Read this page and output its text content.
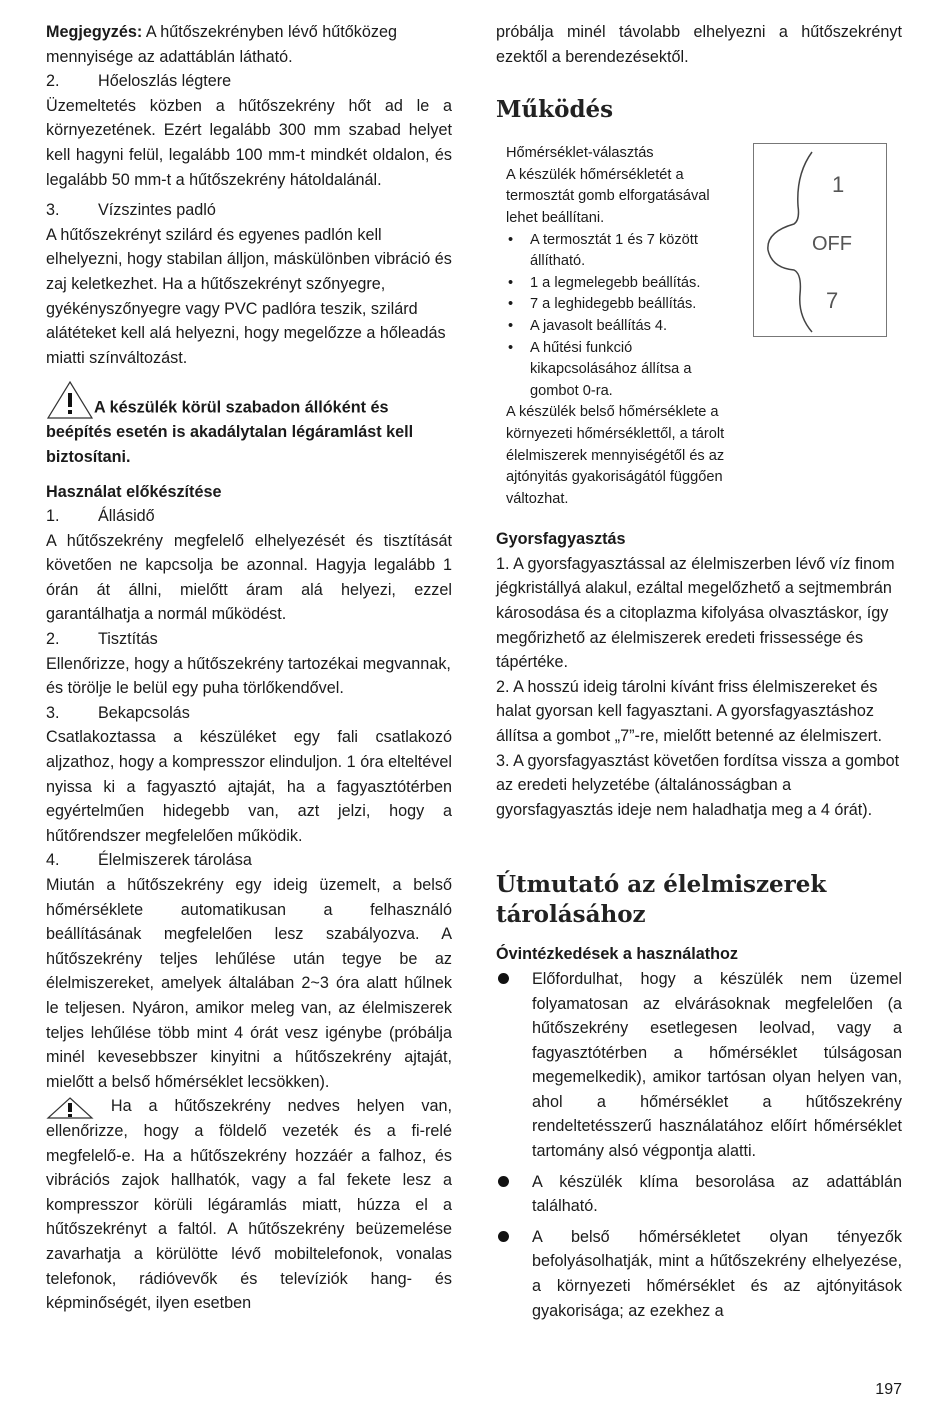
Megjegyzés: A hűtőszekrényben lévő hűtőközeg mennyisége az adattáblán látható.

2.	Hőeloszlás légtere

Üzemeltetés közben a hűtőszekrény hőt ad le a környezetének. Ezért legalább 300 mm szabad helyet kell hagyni felül, legalább 100 mm-t mindkét oldalon, és legalább 50 mm-t a hűtőszekrény hátoldalánál.

3.	Vízszintes padló

A hűtőszekrényt szilárd és egyenes padlón kell elhelyezni, hogy stabilan álljon, máskülönben vibráció és zaj keletkezhet. Ha a hűtőszekrényt szőnyegre, gyékényszőnyegre vagy PVC padlóra teszik, szilárd alátéteket kell alá helyezni, hogy megelőzze a hőleadás miatti színváltozást.

A készülék körül szabadon állóként és beépítés esetén is akadálytalan légáramlást kell biztosítani.

Használat előkészítése

1.	Állásidő

A hűtőszekrény megfelelő elhelyezését és tisztítását követően ne kapcsolja be azonnal. Hagyja legalább 1 órán át állni, mielőtt áram alá helyezi, ezzel garantálhatja a normál működést.

2.	Tisztítás

Ellenőrizze, hogy a hűtőszekrény tartozékai megvannak, és törölje le belül egy puha törlőkendővel.

3.	Bekapcsolás

Csatlakoztassa a készüléket egy fali csatlakozó aljzathoz, hogy a kompresszor elinduljon. 1 óra elteltével nyissa ki a fagyasztó ajtaját, ha a fagyasztótérben egyértelműen hidegebb van, azt jelzi, hogy a hűtőrendszer megfelelően működik.

4.	Élelmiszerek tárolása

Miután a hűtőszekrény egy ideig üzemelt, a belső hőmérséklete automatikusan a felhasználó beállításának megfelelően lesz szabályozva. A hűtőszekrény teljes lehűlése után tegye be az élelmiszereket, amelyek általában 2~3 óra alatt hűlnek le teljesen. Nyáron, amikor meleg van, az élelmiszerek teljes lehűlése több mint 4 órát vesz igénybe (próbálja minél kevesebbszer kinyitni a hűtőszekrény ajtaját, mielőtt a belső hőmérséklet lecsökken).

Ha a hűtőszekrény nedves helyen van, ellenőrizze, hogy a földelő vezeték és a fi-relé megfelelő-e. Ha a hűtőszekrény hozzáér a falhoz, és vibrációs zajok hallhatók, vagy a fal fekete lesz a kompresszor körüli légáramlás miatt, húzza el a hűtőszekrényt a faltól. A hűtőszekrény beüzemelése zavarhatja a körülötte lévő mobiltelefonok, vonalas telefonok, rádióvevők és televíziók hang- és képminőségét, ilyen esetben

próbálja minél távolabb elhelyezni a hűtőszekrényt ezektől a berendezésektől.

Működés

Hőmérséklet-választás

A készülék hőmérsékletét a termosztát gomb elforgatásával lehet beállítani.

• A termosztát 1 és 7 között állítható.
• 1 a legmelegebb beállítás.
• 7 a leghidegebb beállítás.
• A javasolt beállítás 4.
• A hűtési funkció kikapcsolásához állítsa a gombot 0-ra.

A készülék belső hőmérséklete a környezeti hőmérséklettől, a tárolt élelmiszerek mennyiségétől és az ajtónyitás gyakoriságától függően változhat.

1
OFF
7

Gyorsfagyasztás

1. A gyorsfagyasztással az élelmiszerben lévő víz finom jégkristállyá alakul, ezáltal megelőzhető a sejtmembrán károsodása és a citoplazma kifolyása olvasztáskor, így megőrizhető az élelmiszerek eredeti frissessége és tápértéke.

2. A hosszú ideig tárolni kívánt friss élelmiszereket és halat gyorsan kell fagyasztani. A gyorsfagyasztáshoz állítsa a gombot „7”-re, mielőtt betenné az élelmiszert.

3. A gyorsfagyasztást követően fordítsa vissza a gombot az eredeti helyzetébe (általánosságban a gyorsfagyasztás ideje nem haladhatja meg a 4 órát).

Útmutató az élelmiszerek tárolásához

Óvintézkedések a használathoz

Előfordulhat, hogy a készülék nem üzemel folyamatosan az elvárásoknak megfelelően (a hűtőszekrény esetlegesen leolvad, vagy a fagyasztótérben a hőmérséklet túlságosan megemelkedik), amikor tartósan olyan helyen van, ahol a hőmérséklet a hűtőszekrény rendeltetésszerű használatához előírt hőmérséklet tartomány alsó végpontja alatti.
A készülék klíma besorolása az adattáblán található.
A belső hőmérsékletet olyan tényezők befolyásolhatják, mint a hűtőszekrény elhelyezése, a környezeti hőmérséklet és az ajtónyitások gyakorisága; az ezekhez a
197
